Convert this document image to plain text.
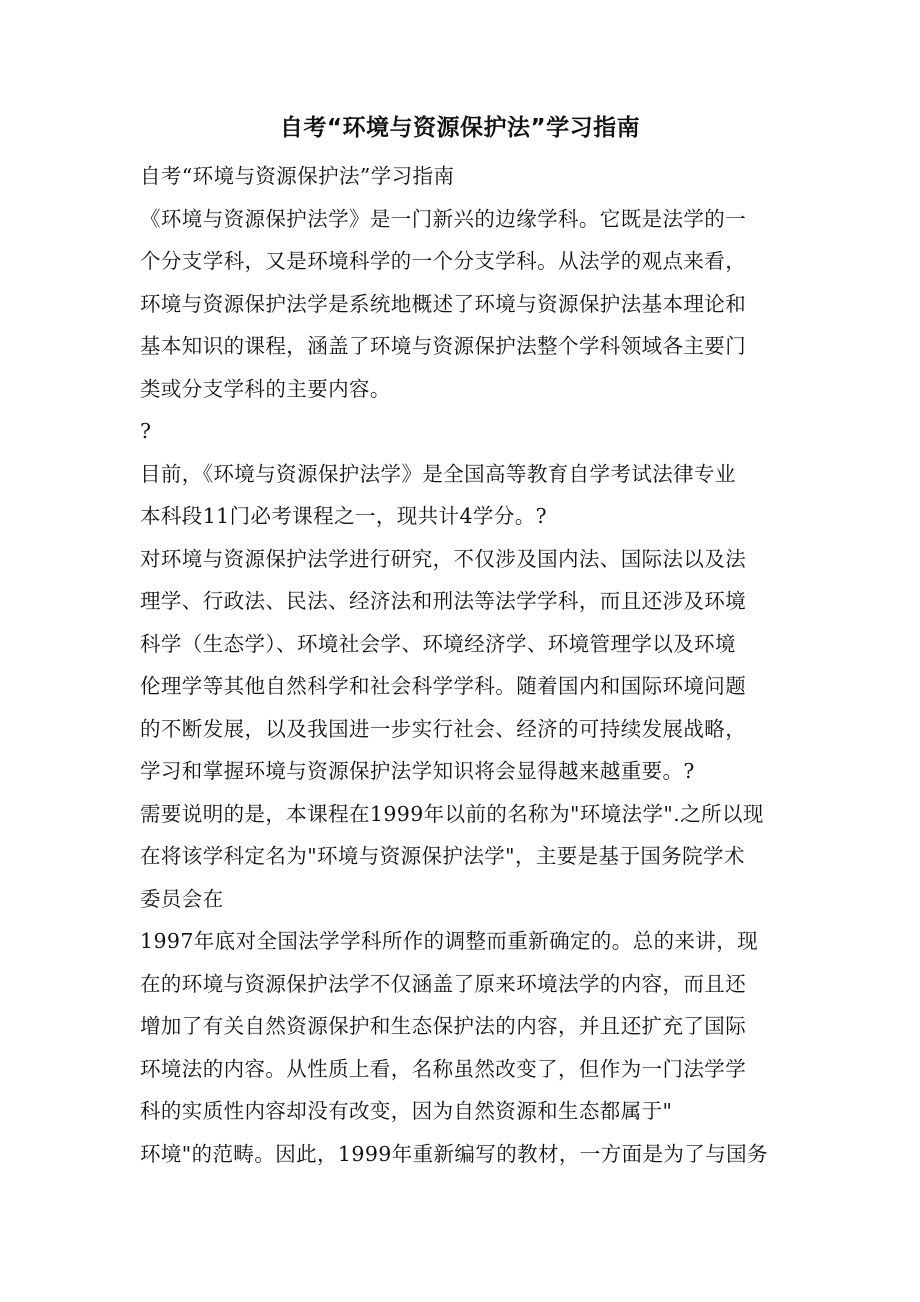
自考“环境与资源保护法”学习指南
自考“环境与资源保护法”学习指南
《环境与资源保护法学》是一门新兴的边缘学科。它既是法学的一
个分支学科，又是环境科学的一个分支学科。从法学的观点来看，
环境与资源保护法学是系统地概述了环境与资源保护法基本理论和
基本知识的课程，涵盖了环境与资源保护法整个学科领域各主要门
类或分支学科的主要内容。
?
目前，《环境与资源保护法学》是全国高等教育自学考试法律专业
本科段11门必考课程之一，现共计4学分。?
对环境与资源保护法学进行研究，不仅涉及国内法、国际法以及法
理学、行政法、民法、经济法和刑法等法学学科，而且还涉及环境
科学（生态学）、环境社会学、环境经济学、环境管理学以及环境
伦理学等其他自然科学和社会科学学科。随着国内和国际环境问题
的不断发展，以及我国进一步实行社会、经济的可持续发展战略，
学习和掌握环境与资源保护法学知识将会显得越来越重要。?
需要说明的是，本课程在1999年以前的名称为"环境法学".之所以现
在将该学科定名为"环境与资源保护法学"，主要是基于国务院学术
委员会在
1997年底对全国法学学科所作的调整而重新确定的。总的来讲，现
在的环境与资源保护法学不仅涵盖了原来环境法学的内容，而且还
增加了有关自然资源保护和生态保护法的内容，并且还扩充了国际
环境法的内容。从性质上看，名称虽然改变了，但作为一门法学学
科的实质性内容却没有改变，因为自然资源和生态都属于"
环境"的范畴。因此，1999年重新编写的教材，一方面是为了与国务
